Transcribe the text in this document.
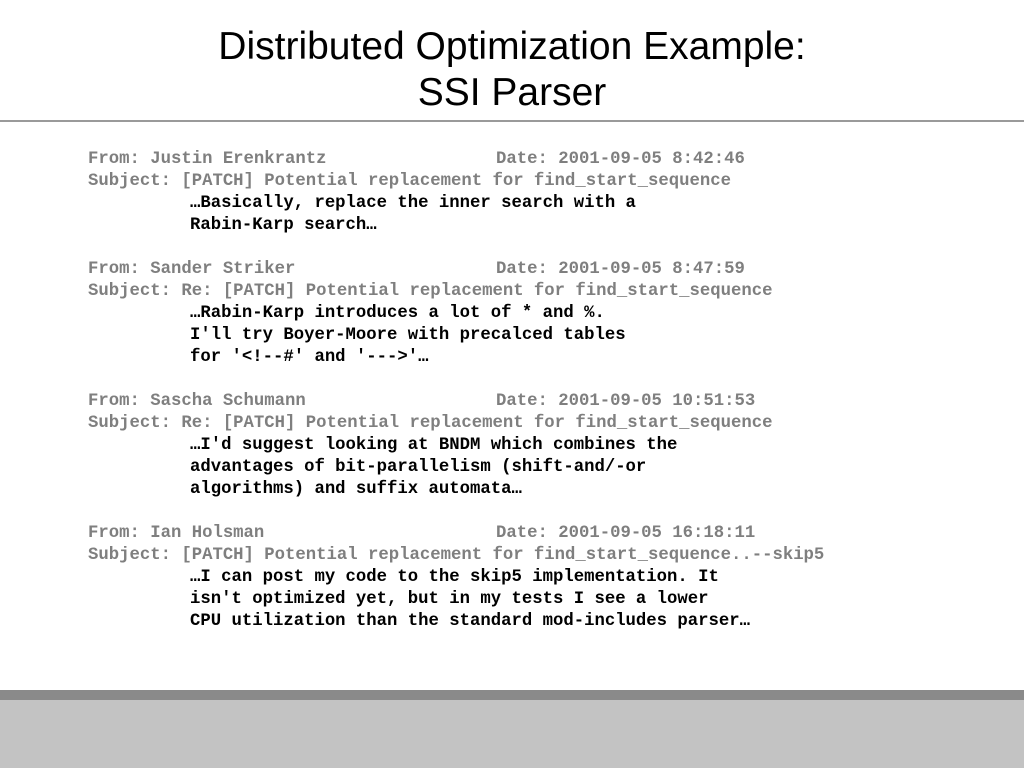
Distributed Optimization Example:
SSI Parser
From: Justin Erenkrantz	Date: 2001-09-05 8:42:46
Subject: [PATCH] Potential replacement for find_start_sequence
…Basically, replace the inner search with a
Rabin-Karp search…
From: Sander Striker	Date: 2001-09-05 8:47:59
Subject: Re: [PATCH] Potential replacement for find_start_sequence
…Rabin-Karp introduces a lot of * and %.
I'll try Boyer-Moore with precalced tables
for '<!--#' and '--->'…
From: Sascha Schumann	Date: 2001-09-05 10:51:53
Subject: Re: [PATCH] Potential replacement for find_start_sequence
…I'd suggest looking at BNDM which combines the
advantages of bit-parallelism (shift-and/-or
algorithms) and suffix automata…
From: Ian Holsman	Date: 2001-09-05 16:18:11
Subject: [PATCH] Potential replacement for find_start_sequence..--skip5
…I can post my code to the skip5 implementation. It
isn't optimized yet, but in my tests I see a lower
CPU utilization than the standard mod-includes parser…
